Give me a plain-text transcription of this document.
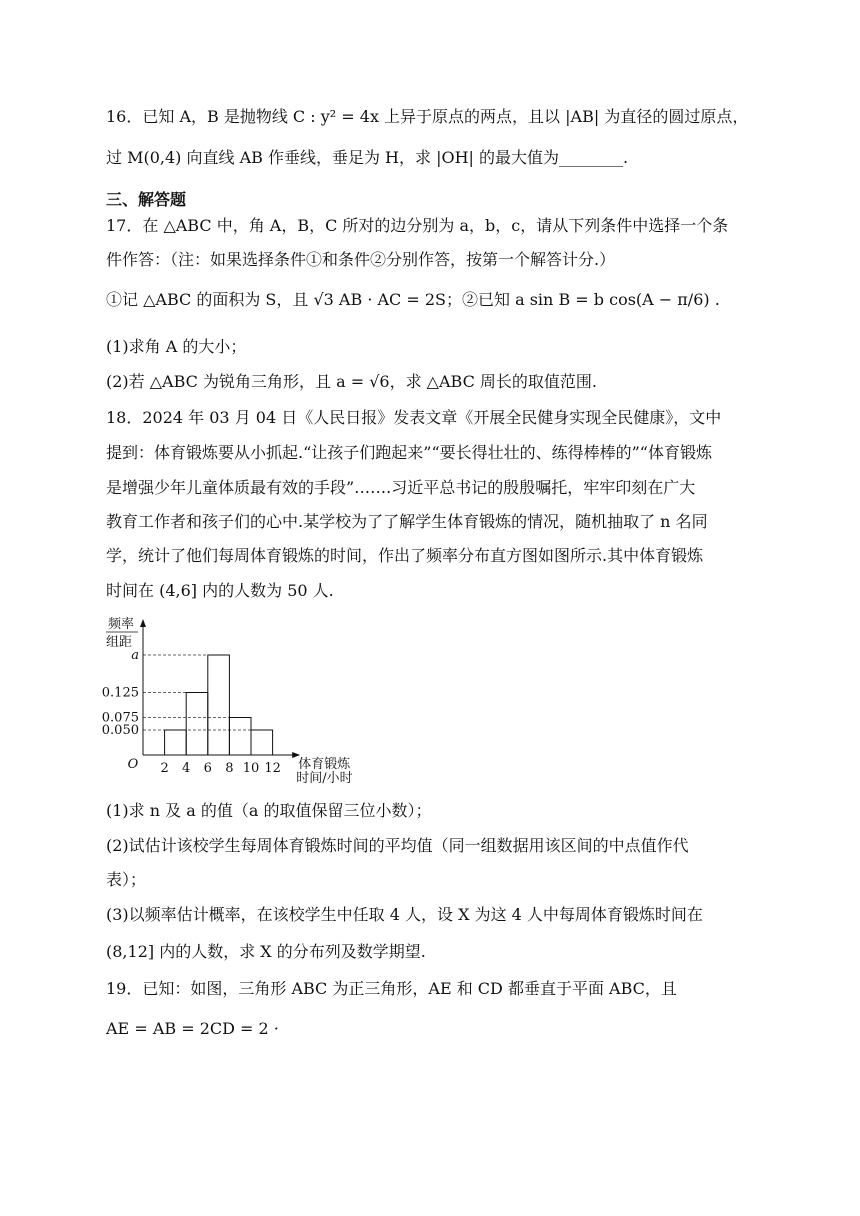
16．已知 A，B 是抛物线 C : y² = 4x 上异于原点的两点，且以 |AB| 为直径的圆过原点，
过 M(0,4) 向直线 AB 作垂线，垂足为 H，求 |OH| 的最大值为________.
三、解答题
17．在 △ABC 中，角 A，B，C 所对的边分别为 a，b，c，请从下列条件中选择一个条
件作答：（注：如果选择条件①和条件②分别作答，按第一个解答计分.）
①记 △ABC 的面积为 S，且 √3 AB · AC = 2S；②已知 a sin B = b cos(A − π/6) .
(1)求角 A 的大小；
(2)若 △ABC 为锐角三角形，且 a = √6，求 △ABC 周长的取值范围.
18．2024 年 03 月 04 日《人民日报》发表文章《开展全民健身实现全民健康》，文中
提到：体育锻炼要从小抓起.“让孩子们跑起来”“要长得壮壮的、练得棒棒的”“体育锻炼
是增强少年儿童体质最有效的手段”…….习近平总书记的殷殷嘱托，牢牢印刻在广大
教育工作者和孩子们的心中.某学校为了了解学生体育锻炼的情况，随机抽取了 n 名同
学，统计了他们每周体育锻炼的时间，作出了频率分布直方图如图所示.其中体育锻炼
时间在 (4,6] 内的人数为 50 人.
0.050
0.075
0.125
a
2 4 6 8 10 12
O
频率
组距
体育锻炼
时间/小时
(1)求 n 及 a 的值（a 的取值保留三位小数）；
(2)试估计该校学生每周体育锻炼时间的平均值（同一组数据用该区间的中点值作代
表）；
(3)以频率估计概率，在该校学生中任取 4 人，设 X 为这 4 人中每周体育锻炼时间在
(8,12] 内的人数，求 X 的分布列及数学期望.
19．已知：如图，三角形 ABC 为正三角形，AE 和 CD 都垂直于平面 ABC，且
AE = AB = 2CD = 2 ·
